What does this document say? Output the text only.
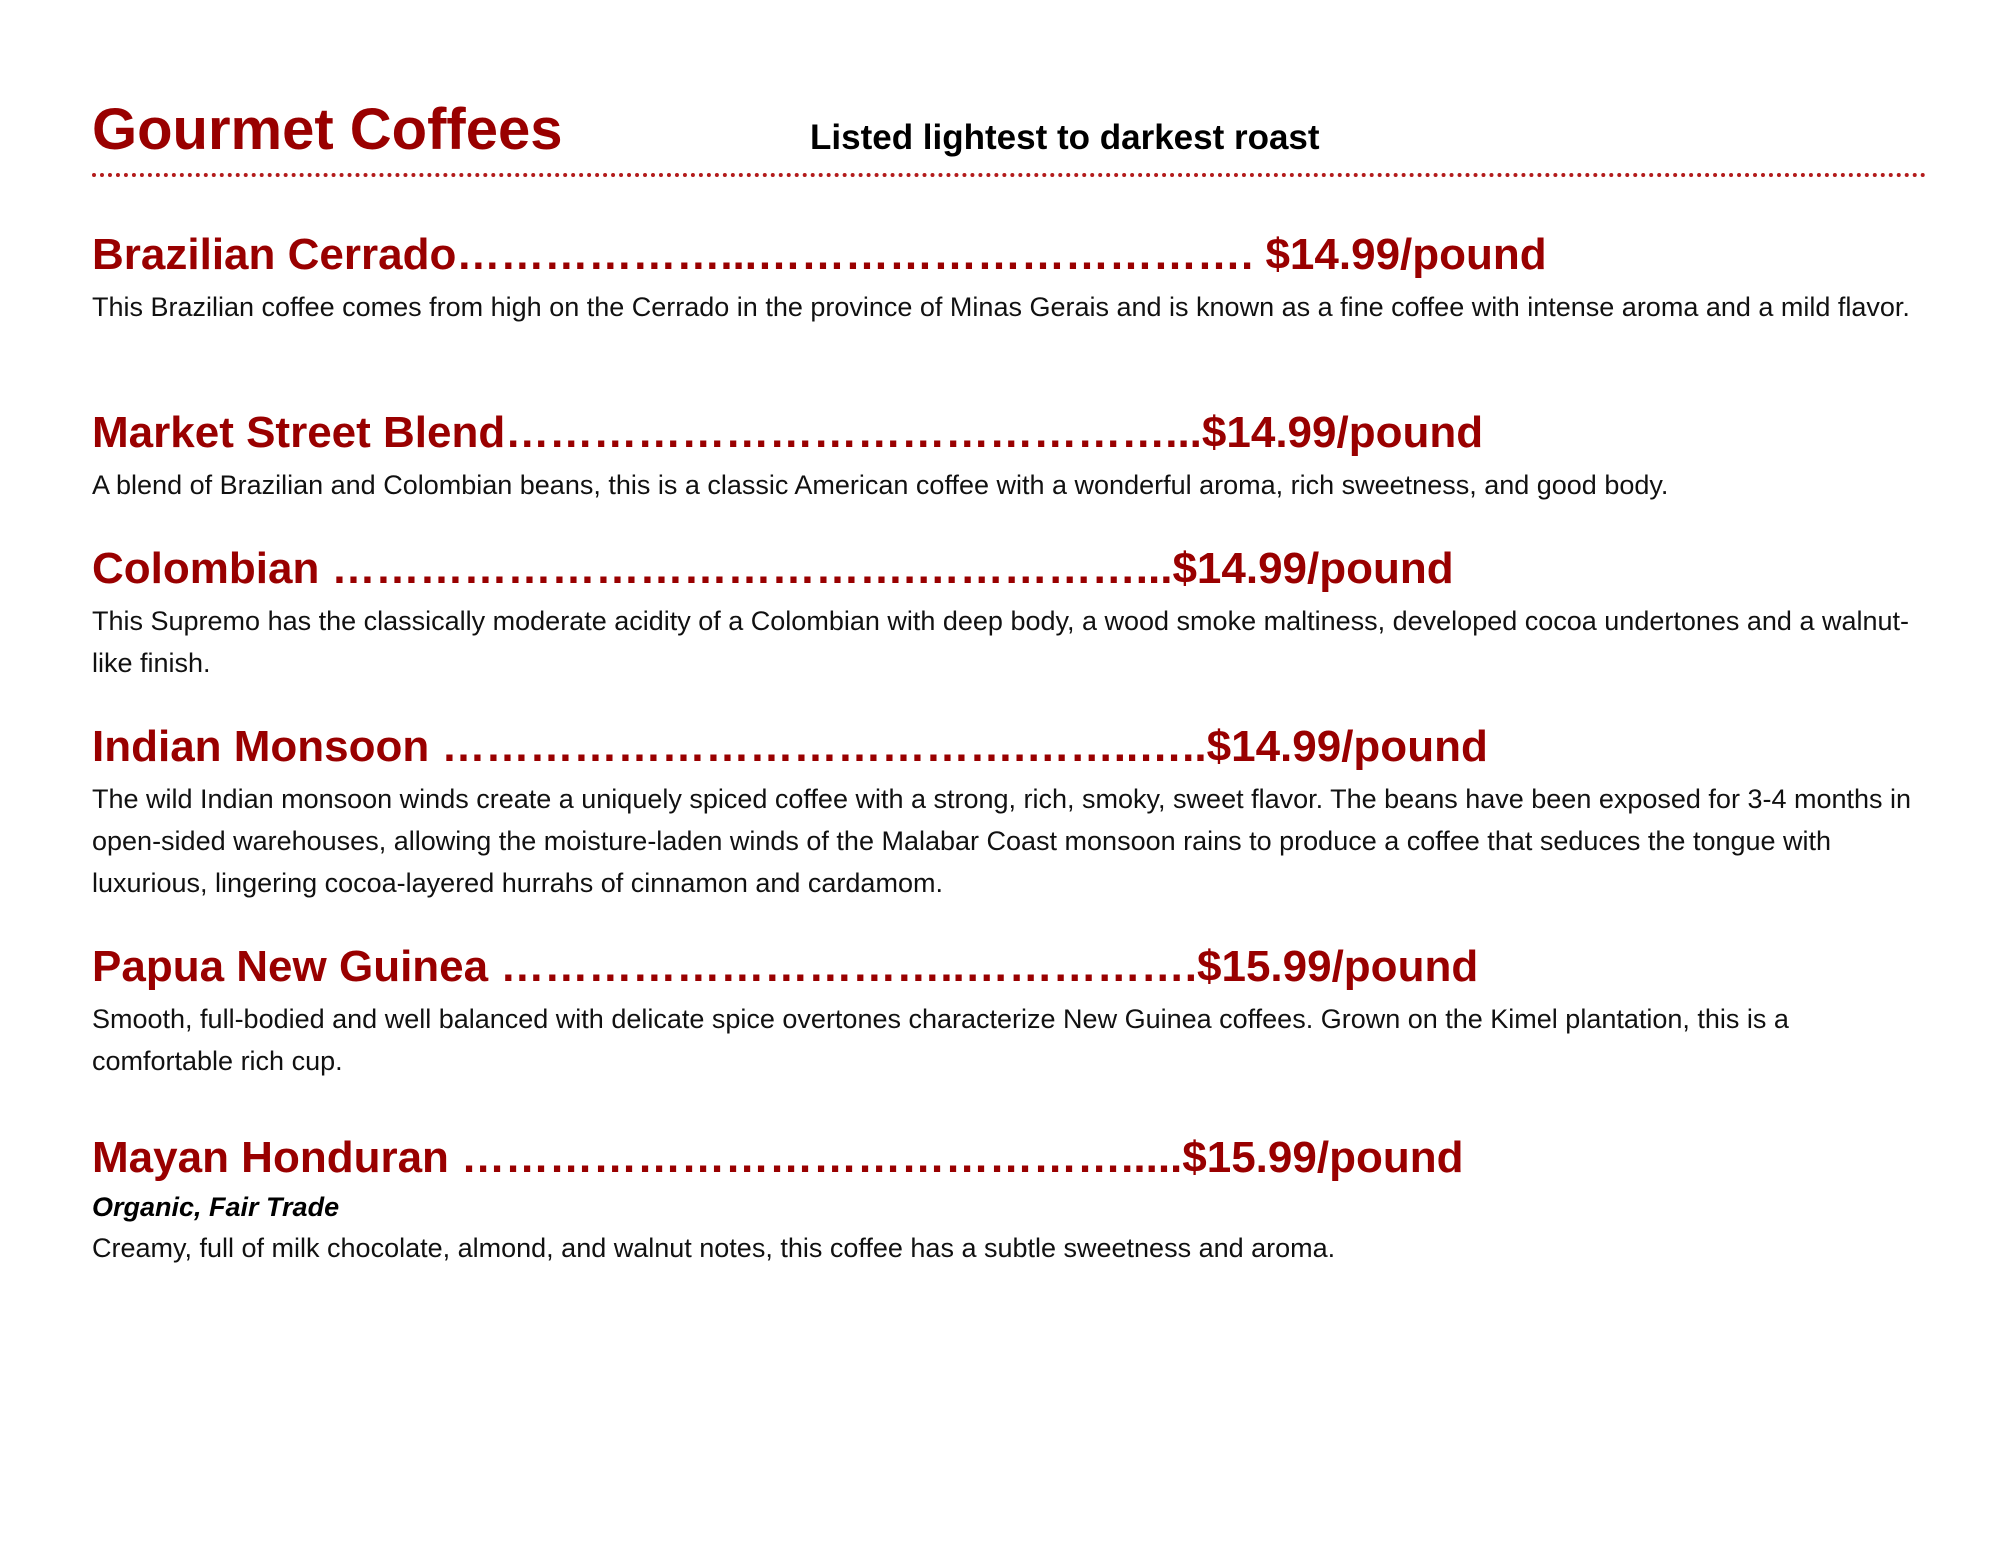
Gourmet Coffees	Listed lightest to darkest roast
Brazilian Cerrado………………...……………………………. $14.99/pound

This Brazilian coffee comes from high on the Cerrado in the province of Minas Gerais and is known as a fine coffee with intense aroma and a mild flavor.

Market Street Blend………………………………………...$14.99/pound

A blend of Brazilian and Colombian beans, this is a classic American coffee with a wonderful aroma, rich sweetness, and good body.

Colombian ………………………………….……………...$14.99/pound

This Supremo has the classically moderate acidity of a Colombian with deep body, a wood smoke maltiness, developed cocoa undertones and a walnut-like finish.

Indian Monsoon ………………………………….……..…..$14.99/pound

The wild Indian monsoon winds create a uniquely spiced coffee with a strong, rich, smoky, sweet flavor. The beans have been exposed for 3-4 months in open-sided warehouses, allowing the moisture-laden winds of the Malabar Coast monsoon rains to produce a coffee that seduces the tongue with luxurious, lingering cocoa-layered hurrahs of cinnamon and cardamom.

Papua New Guinea …………………………..…………….$15.99/pound

Smooth, full-bodied and well balanced with delicate spice overtones characterize New Guinea coffees. Grown on the Kimel plantation, this is a comfortable rich cup.

Mayan Honduran ……………………………………….....$15.99/pound
Organic, Fair Trade

Creamy, full of milk chocolate, almond, and walnut notes, this coffee has a subtle sweetness and aroma.
